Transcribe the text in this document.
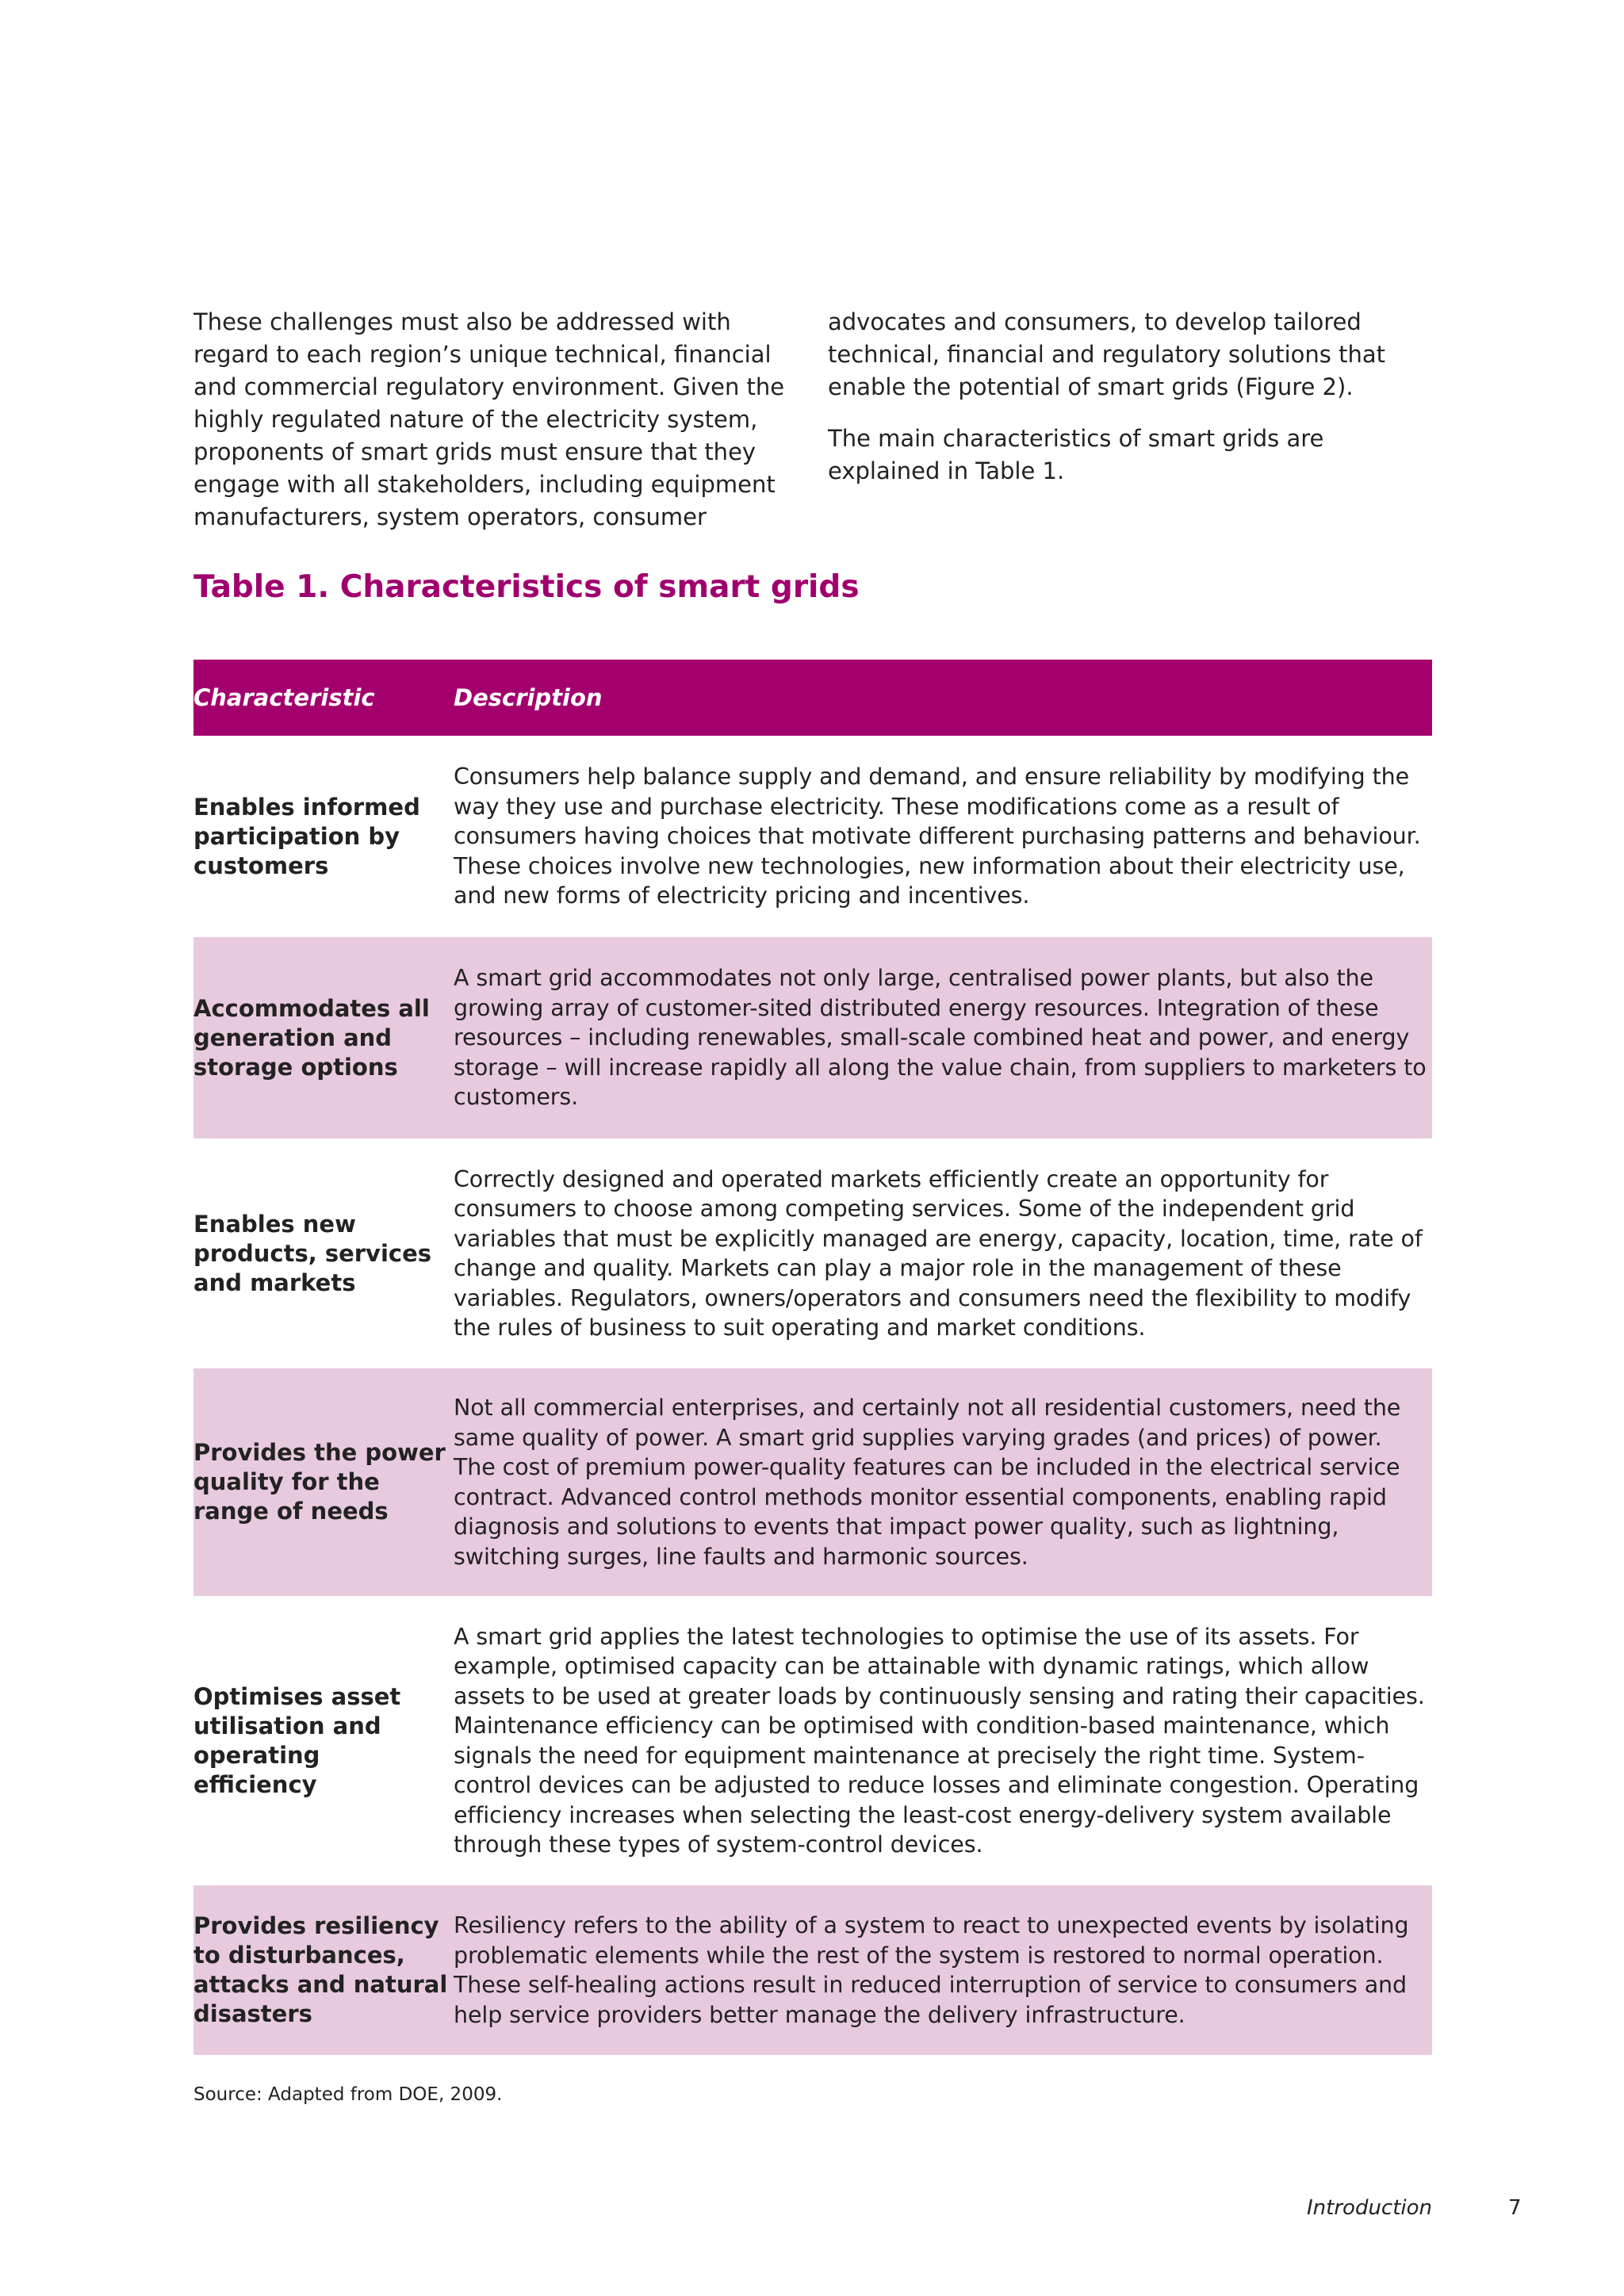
These challenges must also be addressed with regard to each region’s unique technical, financial and commercial regulatory environment. Given the highly regulated nature of the electricity system, proponents of smart grids must ensure that they engage with all stakeholders, including equipment manufacturers, system operators, consumer

advocates and consumers, to develop tailored technical, financial and regulatory solutions that enable the potential of smart grids (Figure 2).

The main characteristics of smart grids are explained in Table 1.

Table 1. Characteristics of smart grids
Characteristic	Description
Enables informed participation by customers
Consumers help balance supply and demand, and ensure reliability by modifying the way they use and purchase electricity. These modifications come as a result of consumers having choices that motivate different purchasing patterns and behaviour. These choices involve new technologies, new information about their electricity use, and new forms of electricity pricing and incentives.
Accommodates all generation and storage options
A smart grid accommodates not only large, centralised power plants, but also the growing array of customer-sited distributed energy resources. Integration of these resources – including renewables, small-scale combined heat and power, and energy storage – will increase rapidly all along the value chain, from suppliers to marketers to customers.
Enables new products, services and markets
Correctly designed and operated markets efficiently create an opportunity for consumers to choose among competing services. Some of the independent grid variables that must be explicitly managed are energy, capacity, location, time, rate of change and quality. Markets can play a major role in the management of these variables. Regulators, owners/operators and consumers need the flexibility to modify the rules of business to suit operating and market conditions.
Provides the power quality for the range of needs
Not all commercial enterprises, and certainly not all residential customers, need the same quality of power. A smart grid supplies varying grades (and prices) of power. The cost of premium power-quality features can be included in the electrical service contract. Advanced control methods monitor essential components, enabling rapid diagnosis and solutions to events that impact power quality, such as lightning, switching surges, line faults and harmonic sources.
Optimises asset utilisation and operating efficiency
A smart grid applies the latest technologies to optimise the use of its assets. For example, optimised capacity can be attainable with dynamic ratings, which allow assets to be used at greater loads by continuously sensing and rating their capacities. Maintenance efficiency can be optimised with condition-based maintenance, which signals the need for equipment maintenance at precisely the right time. System-control devices can be adjusted to reduce losses and eliminate congestion. Operating efficiency increases when selecting the least-cost energy-delivery system available through these types of system-control devices.
Provides resiliency to disturbances, attacks and natural disasters
Resiliency refers to the ability of a system to react to unexpected events by isolating problematic elements while the rest of the system is restored to normal operation. These self-healing actions result in reduced interruption of service to consumers and help service providers better manage the delivery infrastructure.
Source: Adapted from DOE, 2009.
Introduction	7
